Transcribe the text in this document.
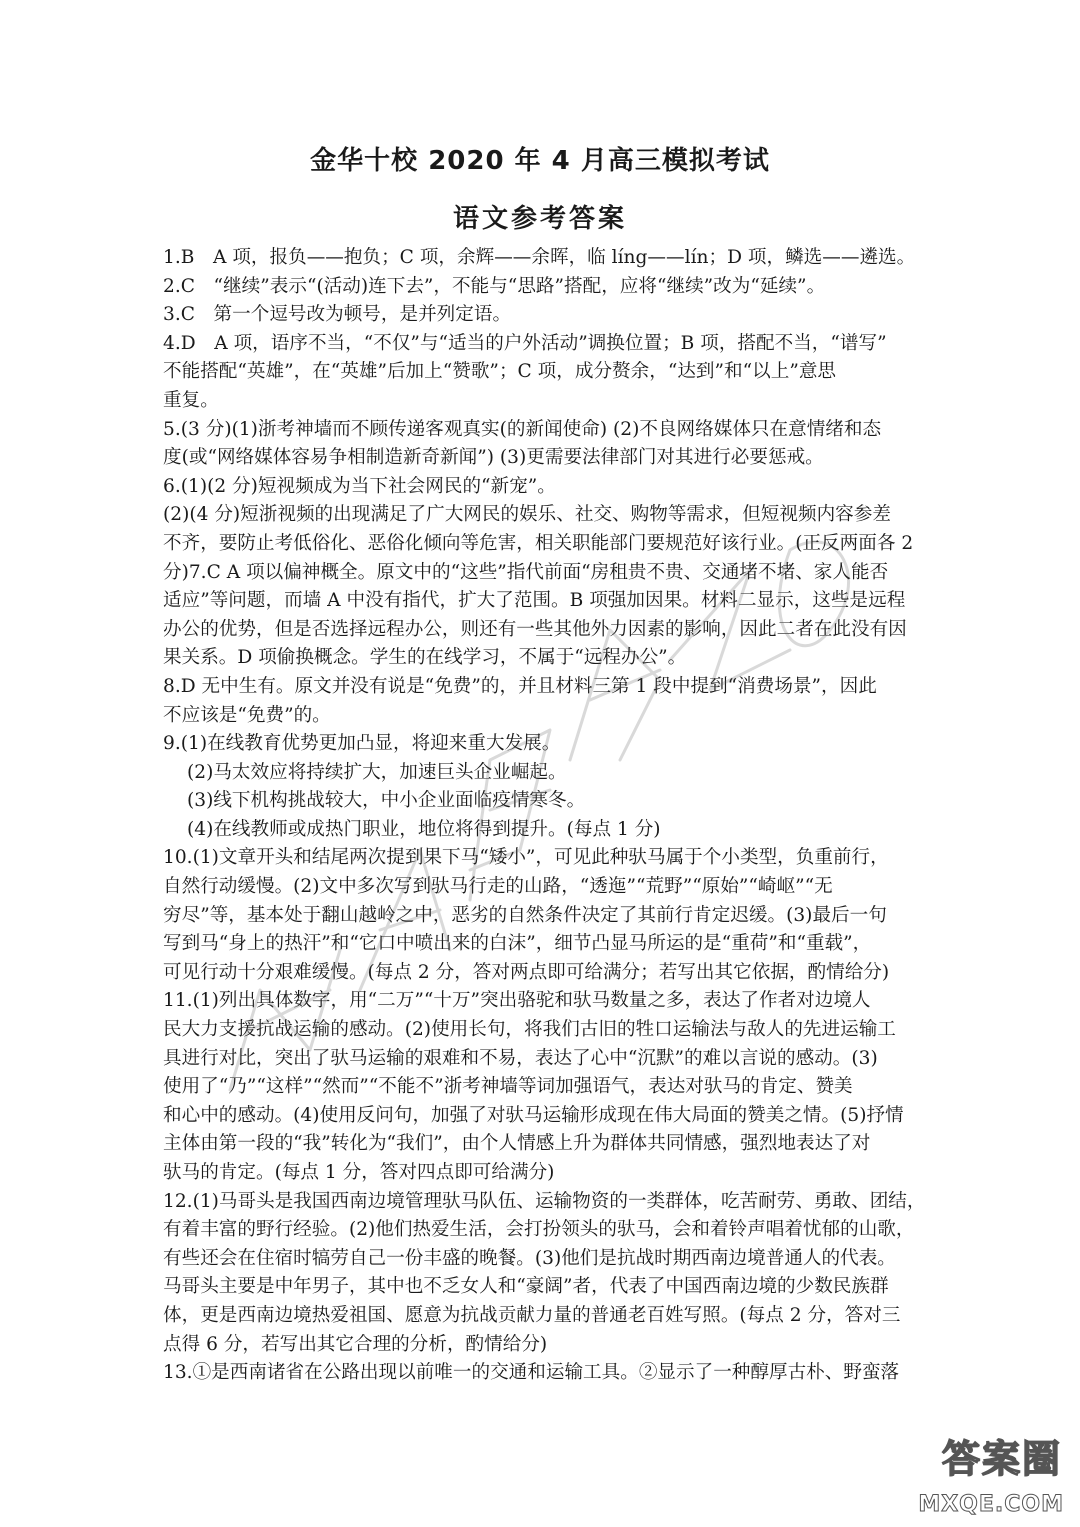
金华十校 2020 年 4 月高三模拟考试
语文参考答案
1.B　A 项，报负——抱负；C 项，余辉——余晖，临 líng——lín；D 项，鳞选——遴选。
2.C　“继续”表示“(活动)连下去”，不能与“思路”搭配，应将“继续”改为“延续”。
3.C　第一个逗号改为顿号，是并列定语。
4.D　A 项，语序不当，“不仅”与“适当的户外活动”调换位置；B 项，搭配不当，“谱写”
不能搭配“英雄”，在“英雄”后加上“赞歌”；C 项，成分赘余，“达到”和“以上”意思
重复。
5.(3 分)(1)浙考神墙而不顾传递客观真实(的新闻使命) (2)不良网络媒体只在意情绪和态
度(或“网络媒体容易争相制造新奇新闻”) (3)更需要法律部门对其进行必要惩戒。
6.(1)(2 分)短视频成为当下社会网民的“新宠”。
(2)(4 分)短浙视频的出现满足了广大网民的娱乐、社交、购物等需求，但短视频内容参差
不齐，要防止考低俗化、恶俗化倾向等危害，相关职能部门要规范好该行业。(正反两面各 2
分)7.C A 项以偏神概全。原文中的“这些”指代前面“房租贵不贵、交通堵不堵、家人能否
适应”等问题，而墙 A 中没有指代，扩大了范围。B 项强加因果。材料二显示，这些是远程
办公的优势，但是否选择远程办公，则还有一些其他外力因素的影响，因此二者在此没有因
果关系。D 项偷换概念。学生的在线学习，不属于“远程办公”。
8.D 无中生有。原文并没有说是“免费”的，并且材料三第 1 段中提到“消费场景”，因此
不应该是“免费”的。
9.(1)在线教育优势更加凸显，将迎来重大发展。
(2)马太效应将持续扩大，加速巨头企业崛起。
(3)线下机构挑战较大，中小企业面临疫情寒冬。
(4)在线教师或成热门职业，地位将得到提升。(每点 1 分)
10.(1)文章开头和结尾两次提到果下马“矮小”，可见此种驮马属于个小类型，负重前行，
自然行动缓慢。(2)文中多次写到驮马行走的山路，“透迤”“荒野”“原始”“崎岖”“无
穷尽”等，基本处于翻山越岭之中，恶劣的自然条件决定了其前行肯定迟缓。(3)最后一句
写到马“身上的热汗”和“它口中喷出来的白沫”，细节凸显马所运的是“重荷”和“重载”，
可见行动十分艰难缓慢。(每点 2 分，答对两点即可给满分；若写出其它依据，酌情给分)
11.(1)列出具体数字，用“二万”“十万”突出骆驼和驮马数量之多，表达了作者对边境人
民大力支援抗战运输的感动。(2)使用长句，将我们古旧的牲口运输法与敌人的先进运输工
具进行对比，突出了驮马运输的艰难和不易，表达了心中“沉默”的难以言说的感动。(3)
使用了“乃”“这样”“然而”“不能不”浙考神墙等词加强语气，表达对驮马的肯定、赞美
和心中的感动。(4)使用反问句，加强了对驮马运输形成现在伟大局面的赞美之情。(5)抒情
主体由第一段的“我”转化为“我们”，由个人情感上升为群体共同情感，强烈地表达了对
驮马的肯定。(每点 1 分，答对四点即可给满分)
12.(1)马哥头是我国西南边境管理驮马队伍、运输物资的一类群体，吃苦耐劳、勇敢、团结，
有着丰富的野行经验。(2)他们热爱生活，会打扮领头的驮马，会和着铃声唱着忧郁的山歌，
有些还会在住宿时犒劳自己一份丰盛的晚餐。(3)他们是抗战时期西南边境普通人的代表。
马哥头主要是中年男子，其中也不乏女人和“豪阔”者，代表了中国西南边境的少数民族群
体，更是西南边境热爱祖国、愿意为抗战贡献力量的普通老百姓写照。(每点 2 分，答对三
点得 6 分，若写出其它合理的分析，酌情给分)
13.①是西南诸省在公路出现以前唯一的交通和运输工具。②显示了一种醇厚古朴、野蛮落
答案圈
MXQE.COM
